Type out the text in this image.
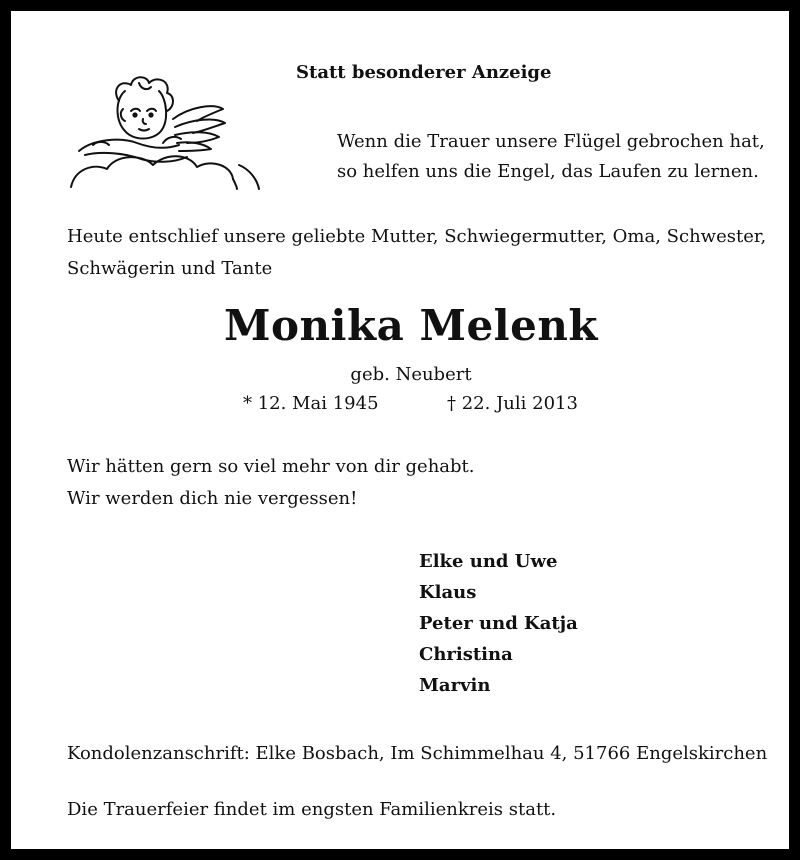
Statt besonderer Anzeige
Wenn die Trauer unsere Flügel gebrochen hat,
so helfen uns die Engel, das Laufen zu lernen.
Heute entschlief unsere geliebte Mutter, Schwiegermutter, Oma, Schwester,
Schwägerin und Tante
Monika Melenk
geb. Neubert
* 12. Mai 1945	† 22. Juli 2013
Wir hätten gern so viel mehr von dir gehabt.
Wir werden dich nie vergessen!
Elke und Uwe
Klaus
Peter und Katja
Christina
Marvin
Kondolenzanschrift: Elke Bosbach, Im Schimmelhau 4, 51766 Engelskirchen
Die Trauerfeier findet im engsten Familienkreis statt.
